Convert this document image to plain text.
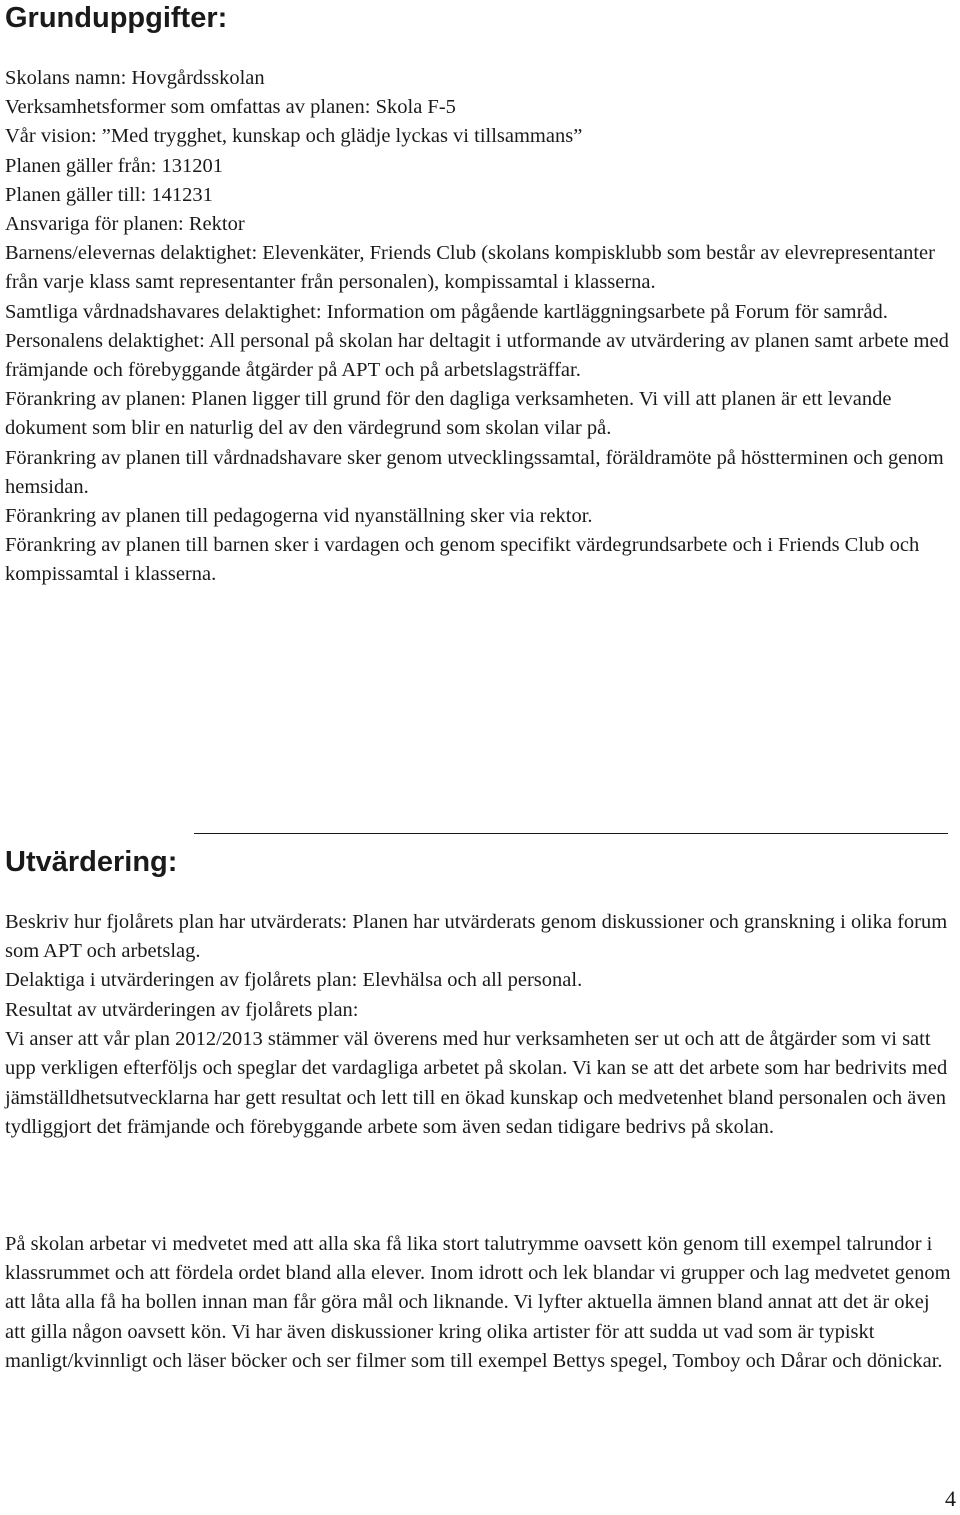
Grunduppgifter:

Skolans namn: Hovgårdsskolan

Verksamhetsformer som omfattas av planen: Skola F-5

Vår vision: ”Med trygghet, kunskap och glädje lyckas vi tillsammans”

Planen gäller från: 131201

Planen gäller till: 141231

Ansvariga för planen: Rektor

Barnens/elevernas delaktighet: Elevenkäter, Friends Club (skolans kompisklubb som består av elevrepresentanter från varje klass samt representanter från personalen), kompissamtal i klasserna.

Samtliga vårdnadshavares delaktighet: Information om pågående kartläggningsarbete på Forum för samråd.

Personalens delaktighet: All personal på skolan har deltagit i utformande av utvärdering av planen samt arbete med främjande och förebyggande åtgärder på APT och på arbetslagsträffar.

Förankring av planen: Planen ligger till grund för den dagliga verksamheten. Vi vill att planen är ett levande dokument som blir en naturlig del av den värdegrund som skolan vilar på.

Förankring av planen till vårdnadshavare sker genom utvecklingssamtal, föräldramöte på höstterminen och genom hemsidan.

Förankring av planen till pedagogerna vid nyanställning sker via rektor.

Förankring av planen till barnen sker i vardagen och genom specifikt värdegrundsarbete och i Friends Club och kompissamtal i klasserna.

Utvärdering:

Beskriv hur fjolårets plan har utvärderats: Planen har utvärderats genom diskussioner och granskning i olika forum som APT och arbetslag.

Delaktiga i utvärderingen av fjolårets plan: Elevhälsa och all personal.

Resultat av utvärderingen av fjolårets plan:

Vi anser att vår plan 2012/2013 stämmer väl överens med hur verksamheten ser ut och att de åtgärder som vi satt upp verkligen efterföljs och speglar det vardagliga arbetet på skolan. Vi kan se att det arbete som har bedrivits med jämställdhetsutvecklarna har gett resultat och lett till en ökad kunskap och medvetenhet bland personalen och även tydliggjort det främjande och förebyggande arbete som även sedan tidigare bedrivs på skolan.

På skolan arbetar vi medvetet med att alla ska få lika stort talutrymme oavsett kön genom till exempel talrundor i klassrummet och att fördela ordet bland alla elever. Inom idrott och lek blandar vi grupper och lag medvetet genom att låta alla få ha bollen innan man får göra mål och liknande. Vi lyfter aktuella ämnen bland annat att det är okej att gilla någon oavsett kön. Vi har även diskussioner kring olika artister för att sudda ut vad som är typiskt manligt/kvinnligt och läser böcker och ser filmer som till exempel Bettys spegel, Tomboy och Dårar och dönickar.

4
